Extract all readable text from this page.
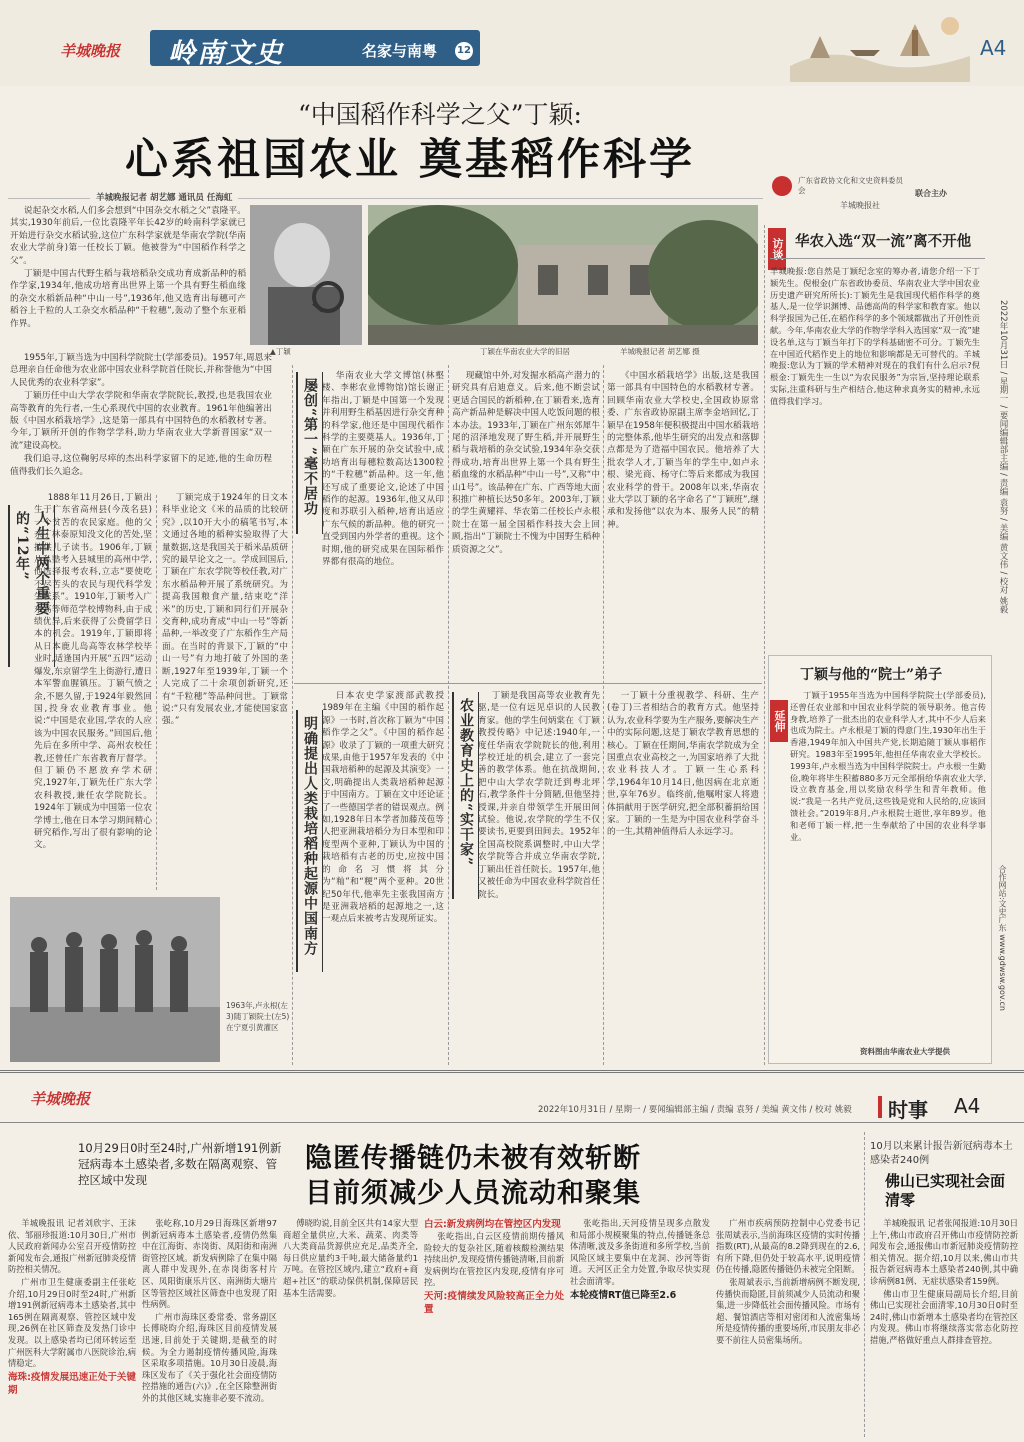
羊城晚报 岭南文史	名家与南粤 12	A4
“中国稻作科学之父”丁颖:
心系祖国农业 奠基稻作科学	广东省政协文化和文史资料委员会	联合主办
羊城晚报社
羊城晚报记者 胡艺娜 通讯员 任海虹

说起杂交水稻,人们多会想到“中国杂交水稻之父”袁隆平。其实,1930年前后,一位比袁隆平年长42岁的岭南科学家就已开始进行杂交水稻试验,这位广东科学家就是华南农学院(华南农业大学前身)第一任校长丁颖。他被誉为“中国稻作科学之父”。

丁颖是中国古代野生稻与栽培稻杂交成功育成新品种的稻作学家,1934年,他成功培育出世界上第一个具有野生稻血缘的杂交水稻新品种“中山一号”,1936年,他又选育出每穗可产稻谷上千粒的人工杂交水稻品种“千粒穗”,轰动了整个东亚稻作界。

1955年,丁颖当选为中国科学院院士(学部委员)。1957年,周恩来总理亲自任命他为农业部中国农业科学院首任院长,并称誉他为“中国人民优秀的农业科学家”。

丁颖历任中山大学农学院和华南农学院院长,教授,也是我国农业高等教育的先行者,一生心系现代中国的农业教育。1961年他编著出版《中国水稻栽培学》,这是第一部具有中国特色的水稻教材专著。今年,丁颖所开创的作物学学科,助力华南农业大学新晋国家“双一流”建设高校。

我们追寻,这位鞠躬尽瘁的杰出科学家留下的足迹,他的生命历程值得我们长久追念。

▲丁颖	丁颖在华南农业大学的旧居	羊城晚报记者 胡艺娜 摄
访谈 华农入选“双一流”离不开他
羊城晚报:您自然是丁颖纪念室的筹办者,请您介绍一下丁颖先生。倪根金(广东省政协委员、华南农业大学中国农业历史遗产研究所所长):丁颖先生是我国现代稻作科学的奠基人,是一位学识渊博、品德高尚的科学家和教育家。他以科学报国为己任,在稻作科学的多个领域都做出了开创性贡献。今年,华南农业大学的作物学学科入选国家“双一流”建设名单,这与丁颖当年打下的学科基础密不可分。丁颖先生在中国近代稻作史上的地位和影响都是无可替代的。羊城晚报:您认为丁颖的学术精神对现在的我们有什么启示?倪根金:丁颖先生一生以“为农民服务”为宗旨,坚持理论联系实际,注重科研与生产相结合,他这种求真务实的精神,永远值得我们学习。	2022年10月31日 / 星期一 / 要闻编辑部主编 / 责编 袁努 / 美编 黄文伟 / 校对 姚毅
合作网站:文史广东 www.gdwsw.gov.cn
人生中两个重要的“12年”
屡创“第一”毫不居功
明确提出人类栽培稻种起源中国南方	农业教育史上的“实干家”
1888年11月26日,丁颖出生于广东省高州县(今茂名县)一个贫苦的农民家庭。他的父亲丁林泰原知没文化的苦处,坚持供儿子读书。1906年,丁颖从私塾考入县城里的高州中学,他选择报考农科,立志“要使吃不尽苦头的农民与现代科学发生联系”。1910年,丁颖考入广东高等师范学校博物科,由于成绩优异,后来获得了公费留学日本的机会。1919年,丁颖即将从日本鹿儿岛高等农林学校毕业时,适逢国内开展“五四”运动爆发,东京留学生上街游行,遭日本军警血腥镇压。丁颖气愤之余,不愿久留,于1924年毅然回国,投身农业教育事业。他说:“中国是农业国,学农的人应该为中国农民服务。”回国后,他先后在多所中学、高州农校任教,还曾任广东省教育厅督学。但丁颖仍不愿放弃学术研究,1927年,丁颖先任广东大学农科教授,兼任农学院院长。1924年丁颖成为中国第一位农学博士,他在日本学习期间精心研究稻作,写出了很有影响的论文。
丁颖完成于1924年的日文本科毕业论文《米的品质的比较研究》,以10开大小的稿笔书写,本文通过各地的稻种实验取得了大量数据,这是我国关于稻米品质研究的最早论文之一。学成回国后,丁颖在广东农学院等校任教,对广东水稻品种开展了系统研究。为提高我国粮食产量,结束吃“洋米”的历史,丁颖和同行们开展杂交育种,成功育成“中山一号”等新品种,一举改变了广东稻作生产局面。在当时的背景下,丁颖的“中山一号”有力地打破了外国的垄断,1927年至1939年,丁颖一个人完成了二十余项创新研究,还有“千粒穗”等品种问世。丁颖常说:“只有发展农业,才能使国家富强。”
华南农业大学文博馆(林壑楼、李彬农业博物馆)馆长谢正年指出,丁颖是中国第一个发现并利用野生稻基因进行杂交育种的科学家,他还是中国现代稻作科学的主要奠基人。1936年,丁颖在广东开展的杂交试验中,成功培育出每穗粒数高达1300粒的“千粒穗”新品种。这一年,他还写成了重要论文,论述了中国稻作的起源。1936年,他又从印度和苏联引入稻种,培育出适应广东气候的新品种。他的研究一直受到国内外学者的重视。这个时期,他的研究成果在国际稻作界都有很高的地位。
现藏馆中外,对发掘水稻高产潜力的研究具有启迪意义。后来,他不断尝试更适合国民的新稻种,在丁颖看来,选育高产新品种是解决中国人吃饭问题的根本办法。1933年,丁颖在广州东郊犀牛尾的沼泽地发现了野生稻,并开展野生稻与栽培稻的杂交试验,1934年杂交获得成功,培育出世界上第一个具有野生稻血缘的水稻品种“中山一号”,又称“中山1号”。该品种在广东、广西等地大面积推广种植长达50多年。2003年,丁颖的学生黄耀祥、华农第二任校长卢永根院士在第一届全国稻作科技大会上回顾,指出“丁颖院士不愧为中国野生稻种质资源之父”。
《中国水稻栽培学》出版,这是我国第一部具有中国特色的水稻教材专著。回顾华南农业大学校史,全国政协原常委、广东省政协原副主席李金培回忆,丁颖早在1958年便积极提出中国水稻栽培的完整体系,他毕生研究的出发点和落脚点都是为了造福中国农民。他培养了大批农学人才,丁颖当年的学生中,如卢永根、梁光商、杨守仁等后来都成为我国农业科学的骨干。2008年以来,华南农业大学以丁颖的名字命名了“丁颖班”,继承和发扬他“以农为本、服务人民”的精神。
日本农史学家渡部武教授1989年在主编《中国的稻作起源》一书时,首次称丁颖为“中国稻作学之父”。《中国的稻作起源》收录了丁颖的一项重大研究成果,由他于1957年发表的《中国栽培稻种的起源及其演变》一文,明确提出人类栽培稻种起源于中国南方。丁颖在文中还论证了一些德国学者的错误观点。例如,1928年日本学者加藤茂苞等人把亚洲栽培稻分为日本型和印度型两个亚种,丁颖认为中国的栽培稻有古老的历史,应按中国的命名习惯将其分为“籼”和“粳”两个亚种。20世纪50年代,他率先主张我国南方是亚洲栽培稻的起源地之一,这一观点后来被考古发现所证实。
丁颖是我国高等农业教育先驱,是一位有远见卓识的人民教育家。他的学生何炳棠在《丁颖教授传略》中记述:1940年,一度任华南农学院院长的他,利用学校迁址的机会,建立了一套完善的教学体系。他在抗战期间,把中山大学农学院迁到粤北坪石,教学条件十分简陋,但他坚持授课,并亲自带领学生开展田间试验。他说,农学院的学生不仅要读书,更要到田间去。1952年全国高校院系调整时,中山大学农学院等合并成立华南农学院,丁颖出任首任院长。1957年,他又被任命为中国农业科学院首任院长。
一丁颖十分重视教学、科研、生产(卷丁)三者相结合的教育方式。他坚持认为,农业科学要为生产服务,要解决生产中的实际问题,这是丁颖农学教育思想的核心。丁颖在任期间,华南农学院成为全国重点农业高校之一,为国家培养了大批农业科技人才。丁颖一生心系科学,1964年10月14日,他因病在北京逝世,享年76岁。临终前,他嘱咐家人将遗体捐献用于医学研究,把全部积蓄捐给国家。丁颖的一生是为中国农业科学奋斗的一生,其精神值得后人永远学习。
1963年,卢永根(左3)随丁颖院士(左5)在宁夏引黄灌区
丁颖与他的“院士”弟子
延伸
丁颖于1955年当选为中国科学院院士(学部委员),还曾任农业部和中国农业科学院的领导职务。他言传身教,培养了一批杰出的农业科学人才,其中不少人后来也成为院士。卢永根是丁颖的得意门生,1930年出生于香港,1949年加入中国共产党,长期追随丁颖从事稻作研究。1983年至1995年,他担任华南农业大学校长。1993年,卢永根当选为中国科学院院士。卢永根一生勤俭,晚年将毕生积蓄880多万元全部捐给华南农业大学,设立教育基金,用以奖励农科学生和青年教师。他说:“我是一名共产党员,这些钱是党和人民给的,应该回馈社会。”2019年8月,卢永根院士逝世,享年89岁。他和老师丁颖一样,把一生奉献给了中国的农业科学事业。
资料图由华南农业大学提供
羊城晚报
2022年10月31日 / 星期一 / 要闻编辑部主编 / 责编 袁努 / 美编 黄文伟 / 校对 姚毅 时事 A4
10月29日0时至24时,广州新增191例新冠病毒本土感染者,多数在隔离观察、管控区域中发现
隐匿传播链仍未被有效斩断
目前须减少人员流动和聚集
10月以来累计报告新冠病毒本土感染者240例
佛山已实现社会面清零

羊城晚报讯 记者刘欣宇、王沫依、邹丽珍报道:10月30日,广州市人民政府新闻办公室召开疫情防控新闻发布会,通报广州新冠肺炎疫情防控相关情况。

广州市卫生健康委副主任张屹介绍,10月29日0时至24时,广州新增191例新冠病毒本土感染者,其中165例在隔离观察、管控区域中发现,26例在社区筛查及发热门诊中发现。以上感染者均已闭环转运至广州医科大学附属市八医院诊治,病情稳定。

海珠:疫情发展迅速正处于关键期

张屹称,10月29日海珠区新增97例新冠病毒本土感染者,疫情仍然集中在江海街、赤岗街、凤阳街和南洲街管控区域。新发病例除了在集中隔离人群中发现外,在赤岗街客村片区、凤阳街康乐片区、南洲街大塘片区等管控区域社区筛查中也发现了阳性病例。

广州市海珠区委常委、常务副区长傅晓昀介绍,海珠区目前疫情发展迅速,目前处于关键期,是截至的时候。为全力遏制疫情传播风险,海珠区采取多项措施。10月30日凌晨,海珠区发布了《关于强化社会面疫情防控措施的通告(六)》,在全区除整洲街外的其他区域,实施非必要不流动。

傅晓昀说,目前全区共有14家大型商超全量供应,大米、蔬菜、肉类等八大类商品货源供应充足,品类齐全,每日供应量约3千吨,最大储备量约1万吨。在管控区域内,建立“政府+商超+社区”的联动保供机制,保障居民基本生活需要。

白云:新发病例均在管控区内发现

张屹指出,白云区疫情前期传播风险较大的复杂社区,随着核酸检测结果持续出炉,发现疫情传播链清晰,目前新发病例均在管控区内发现,疫情有序可控。

天河:疫情续发风险较高正全力处置

张屹指出,天河疫情呈现多点散发和局部小规模聚集的特点,传播链条总体清晰,波及多条街道和多所学校,当前风险区域主要集中在龙洞、沙河等街道。天河区正全力处置,争取尽快实现社会面清零。

本轮疫情RT值已降至2.6

广州市疾病预防控制中心党委书记张周斌表示,当前海珠区疫情的实时传播指数(RT),从最高的8.2降到现在的2.6,有所下降,但仍处于较高水平,说明疫情仍在传播,隐匿传播链仍未被完全阻断。

张周斌表示,当前新增病例不断发现,传播快而隐匿,目前须减少人员流动和聚集,进一步降低社会面传播风险。市场有超、餐馆酒店等相对密闭和人流密集场所是疫情传播的重要场所,市民朋友非必要不前往人员密集场所。

羊城晚报讯 记者张闻报道:10月30日上午,佛山市政府召开佛山市疫情防控新闻发布会,通报佛山市新冠肺炎疫情防控相关情况。据介绍,10月以来,佛山市共报告新冠病毒本土感染者240例,其中确诊病例81例、无症状感染者159例。

佛山市卫生健康局副局长介绍,目前佛山已实现社会面清零,10月30日0时至24时,佛山市新增本土感染者均在管控区内发现。佛山市将继续落实常态化防控措施,严格做好重点人群排查管控。
